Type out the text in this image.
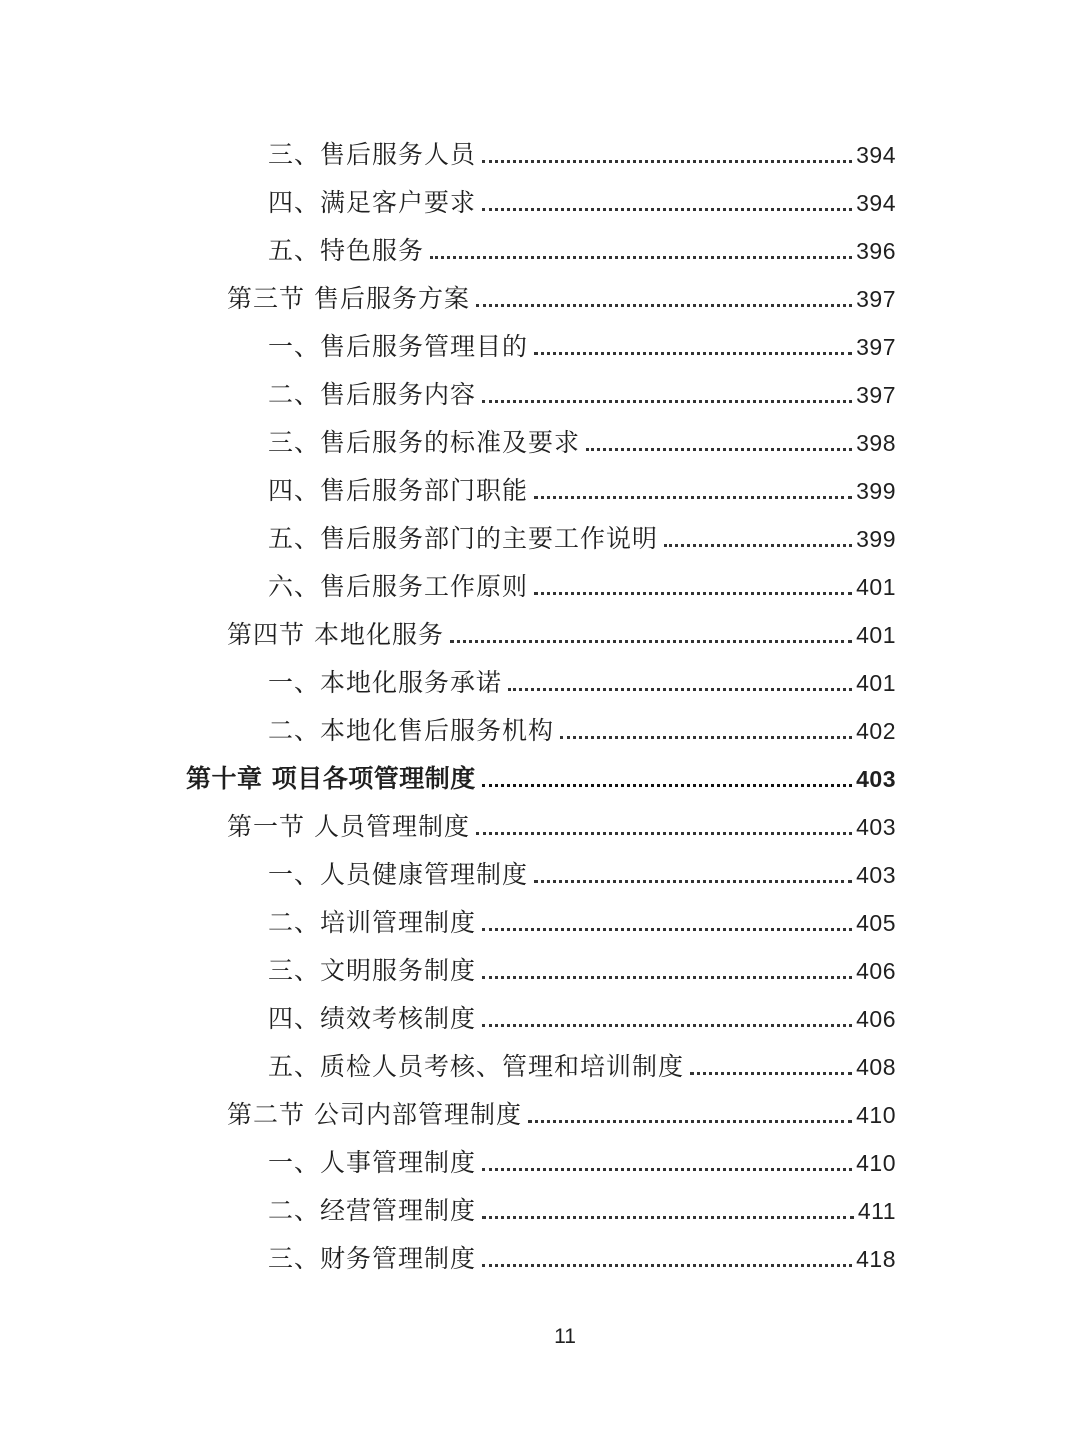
三、售后服务人员	394
四、满足客户要求	394
五、特色服务	396
第三节 售后服务方案	397
一、售后服务管理目的	397
二、售后服务内容	397
三、售后服务的标准及要求	398
四、售后服务部门职能	399
五、售后服务部门的主要工作说明	399
六、售后服务工作原则	401
第四节 本地化服务	401
一、本地化服务承诺	401
二、本地化售后服务机构	402
第十章 项目各项管理制度	403
第一节 人员管理制度	403
一、人员健康管理制度	403
二、培训管理制度	405
三、文明服务制度	406
四、绩效考核制度	406
五、质检人员考核、管理和培训制度	408
第二节 公司内部管理制度	410
一、人事管理制度	410
二、经营管理制度	411
三、财务管理制度	418
11
